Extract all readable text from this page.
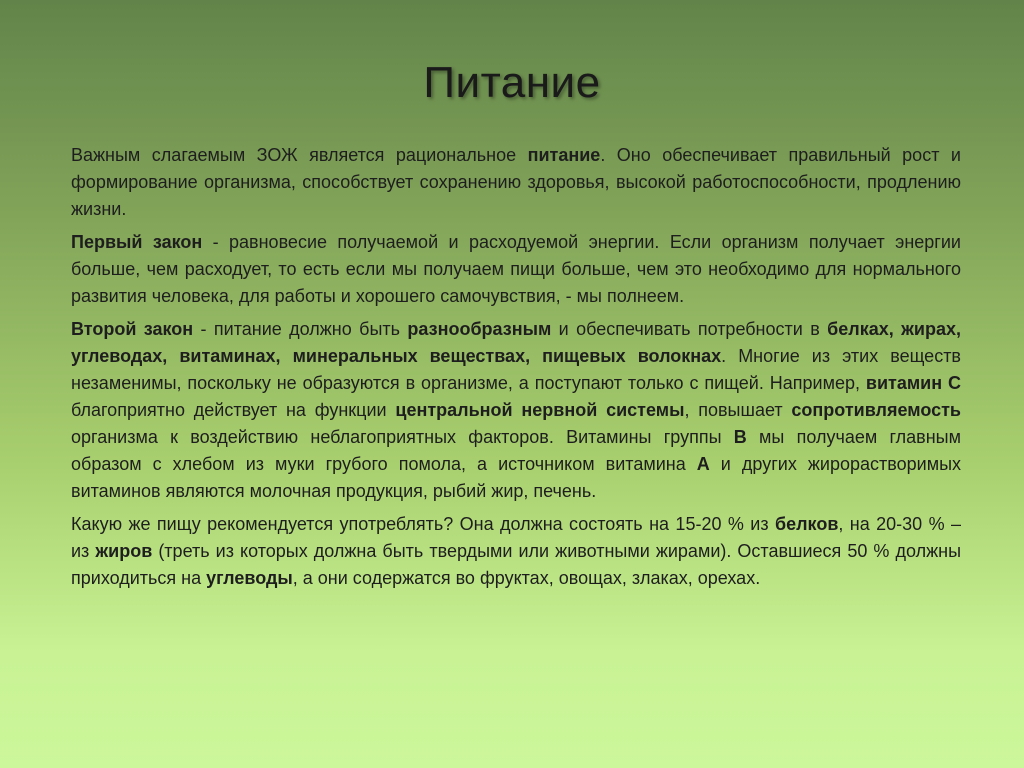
Питание

Важным слагаемым ЗОЖ является рациональное питание. Оно обеспечивает правильный рост и формирование организма, способствует сохранению здоровья, высокой работоспособности, продлению жизни.

Первый закон - равновесие получаемой и расходуемой энергии. Если организм получает энергии больше, чем расходует, то есть если мы получаем пищи больше, чем это необходимо для нормального развития человека, для работы и хорошего самочувствия, - мы полнеем.

Второй закон - питание должно быть разнообразным и обеспечивать потребности в белках, жирах, углеводах, витаминах, минеральных веществах, пищевых волокнах. Многие из этих веществ незаменимы, поскольку не образуются в организме, а поступают только с пищей. Например, витамин С благоприятно действует на функции центральной нервной системы, повышает сопротивляемость организма к воздействию неблагоприятных факторов. Витамины группы В мы получаем главным образом с хлебом из муки грубого помола, а источником витамина А и других жирорастворимых витаминов являются молочная продукция, рыбий жир, печень.

Какую же пищу рекомендуется употреблять? Она должна состоять на 15-20 % из белков, на 20-30 % – из жиров (треть из которых должна быть твердыми или животными жирами). Оставшиеся 50 % должны приходиться на углеводы, а они содержатся во фруктах, овощах, злаках, орехах.
